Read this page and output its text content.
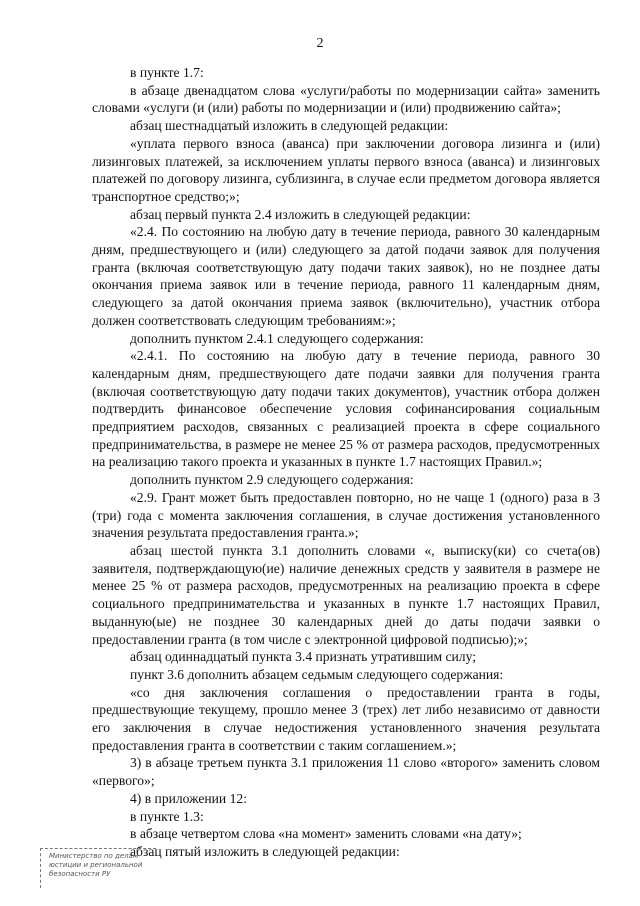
2

в пункте 1.7:

в абзаце двенадцатом слова «услуги/работы по модернизации сайта» заменить словами «услуги (и (или) работы по модернизации и (или) продвижению сайта»;

абзац шестнадцатый изложить в следующей редакции:

«уплата первого взноса (аванса) при заключении договора лизинга и (или) лизинговых платежей, за исключением уплаты первого взноса (аванса) и лизинговых платежей по договору лизинга, сублизинга, в случае если предметом договора является транспортное средство;»;

абзац первый пункта 2.4 изложить в следующей редакции:

«2.4. По состоянию на любую дату в течение периода, равного 30 календарным дням, предшествующего и (или) следующего за датой подачи заявок для получения гранта (включая соответствующую дату подачи таких заявок), но не позднее даты окончания приема заявок или в течение периода, равного 11 календарным дням, следующего за датой окончания приема заявок (включительно), участник отбора должен соответствовать следующим требованиям:»;

дополнить пунктом 2.4.1 следующего содержания:

«2.4.1. По состоянию на любую дату в течение периода, равного 30 календарным дням, предшествующего дате подачи заявки для получения гранта (включая соответствующую дату подачи таких документов), участник отбора должен подтвердить финансовое обеспечение условия софинансирования социальным предприятием расходов, связанных с реализацией проекта в сфере социального предпринимательства, в размере не менее 25 % от размера расходов, предусмотренных на реализацию такого проекта и указанных в пункте 1.7 настоящих Правил.»;

дополнить пунктом 2.9 следующего содержания:

«2.9. Грант может быть предоставлен повторно, но не чаще 1 (одного) раза в 3 (три) года с момента заключения соглашения, в случае достижения установленного значения результата предоставления гранта.»;

абзац шестой пункта 3.1 дополнить словами «, выписку(ки) со счета(ов) заявителя, подтверждающую(ие) наличие денежных средств у заявителя в размере не менее 25 % от размера расходов, предусмотренных на реализацию проекта в сфере социального предпринимательства и указанных в пункте 1.7 настоящих Правил, выданную(ые) не позднее 30 календарных дней до даты подачи заявки о предоставлении гранта (в том числе с электронной цифровой подписью);»;

абзац одиннадцатый пункта 3.4 признать утратившим силу;

пункт 3.6 дополнить абзацем седьмым следующего содержания:

«со дня заключения соглашения о предоставлении гранта в годы, предшествующие текущему, прошло менее 3 (трех) лет либо независимо от давности его заключения в случае недостижения установленного значения результата предоставления гранта в соответствии с таким соглашением.»;

3) в абзаце третьем пункта 3.1 приложения 11 слово «второго» заменить словом «первого»;

4) в приложении 12:

в пункте 1.3:

в абзаце четвертом слова «на момент» заменить словами «на дату»;

абзац пятый изложить в следующей редакции:

Министерство по делам
юстиции и региональной
безопасности РУ
